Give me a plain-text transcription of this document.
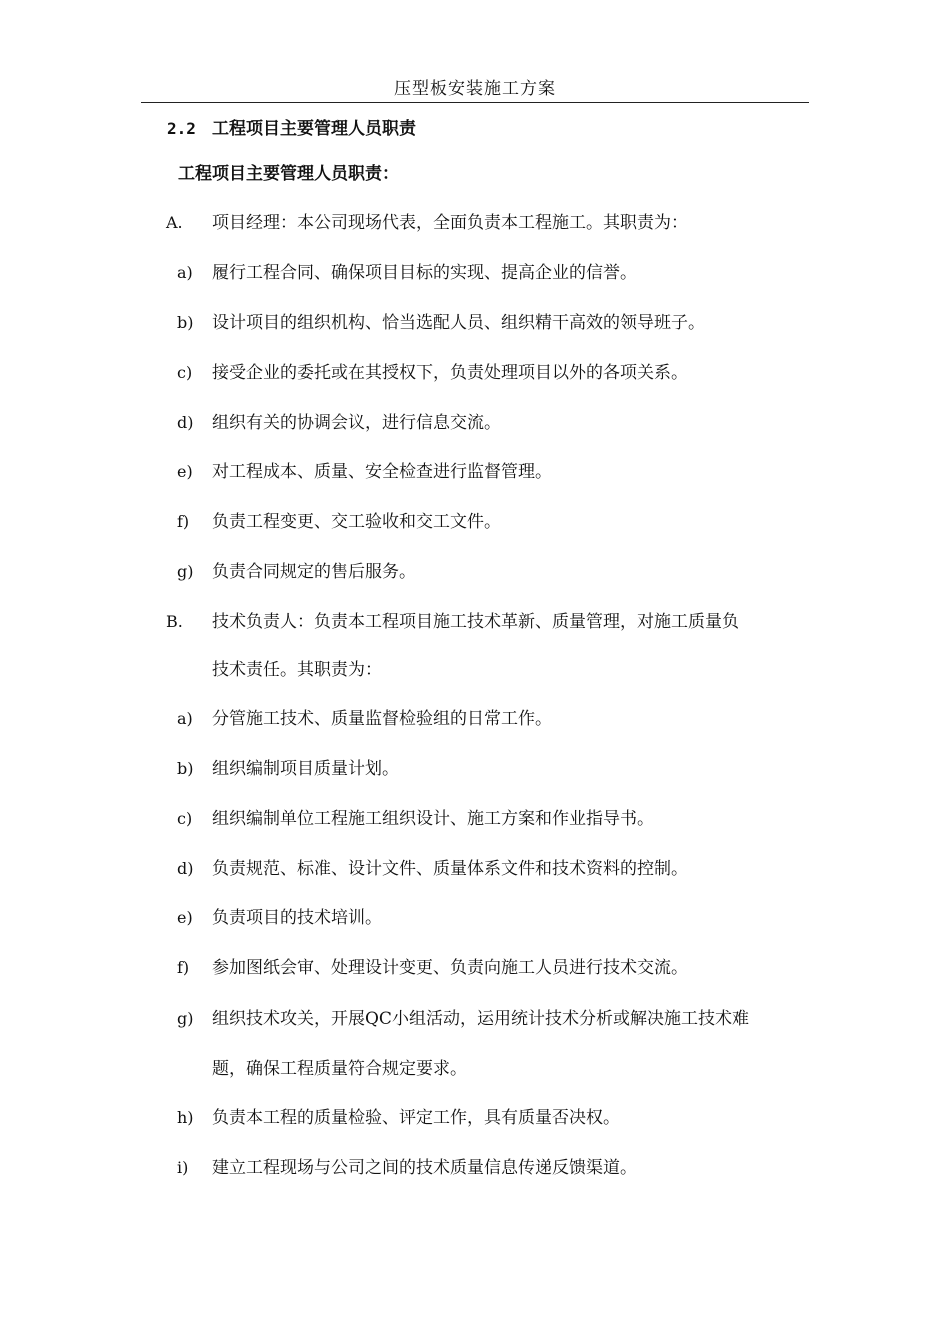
压型板安装施工方案
2.2 工程项目主要管理人员职责
工程项目主要管理人员职责：
A. 项目经理：本公司现场代表，全面负责本工程施工。其职责为：
a) 履行工程合同、确保项目目标的实现、提高企业的信誉。
b) 设计项目的组织机构、恰当选配人员、组织精干高效的领导班子。
c) 接受企业的委托或在其授权下，负责处理项目以外的各项关系。
d) 组织有关的协调会议，进行信息交流。
e) 对工程成本、质量、安全检查进行监督管理。
f) 负责工程变更、交工验收和交工文件。
g) 负责合同规定的售后服务。
B. 技术负责人：负责本工程项目施工技术革新、质量管理，对施工质量负
技术责任。其职责为：
a) 分管施工技术、质量监督检验组的日常工作。
b) 组织编制项目质量计划。
c) 组织编制单位工程施工组织设计、施工方案和作业指导书。
d) 负责规范、标准、设计文件、质量体系文件和技术资料的控制。
e) 负责项目的技术培训。
f) 参加图纸会审、处理设计变更、负责向施工人员进行技术交流。
g) 组织技术攻关，开展QC小组活动，运用统计技术分析或解决施工技术难
题，确保工程质量符合规定要求。
h) 负责本工程的质量检验、评定工作，具有质量否决权。
i) 建立工程现场与公司之间的技术质量信息传递反馈渠道。
